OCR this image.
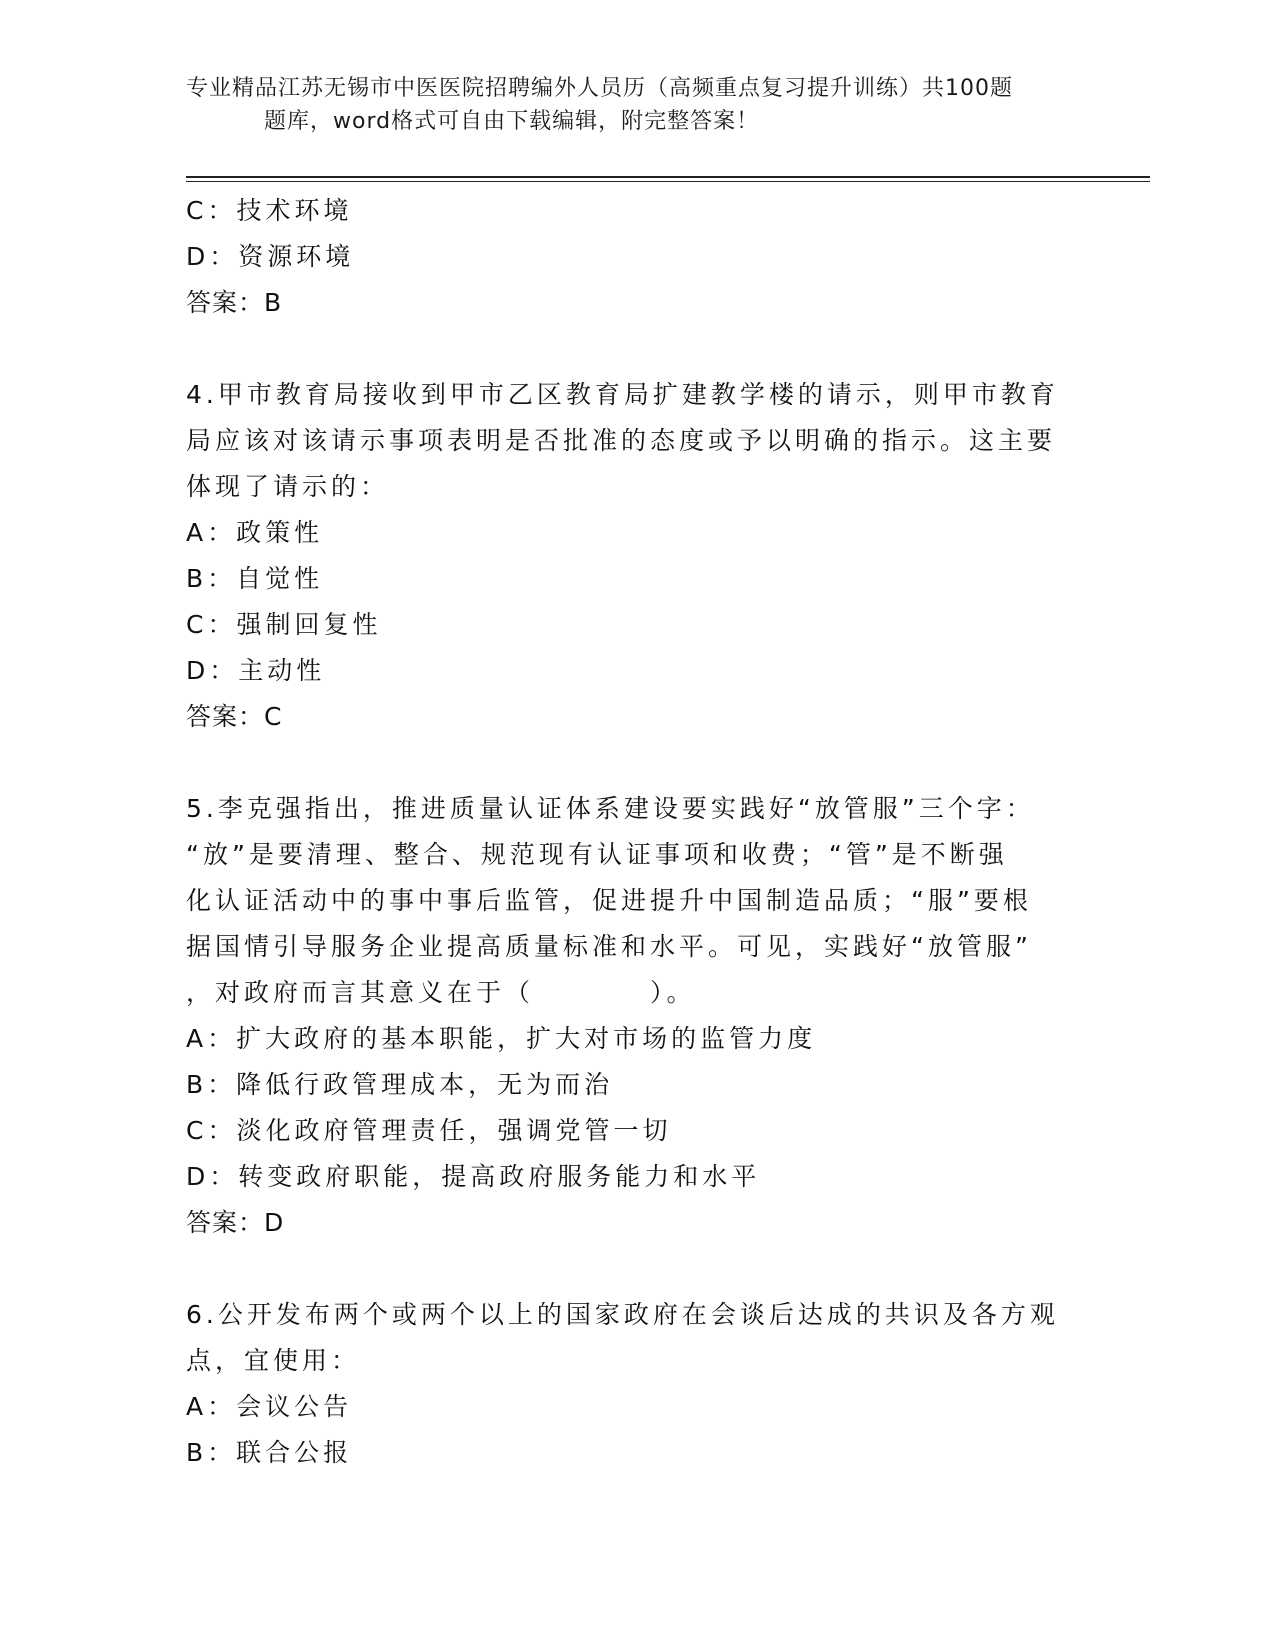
专业精品江苏无锡市中医医院招聘编外人员历（高频重点复习提升训练）共100题
题库，word格式可自由下载编辑，附完整答案！
C：技术环境
D：资源环境
答案：B
4.甲市教育局接收到甲市乙区教育局扩建教学楼的请示，则甲市教育
局应该对该请示事项表明是否批准的态度或予以明确的指示。这主要
体现了请示的：
A：政策性
B：自觉性
C：强制回复性
D：主动性
答案：C
5.李克强指出，推进质量认证体系建设要实践好“放管服”三个字：
“放”是要清理、整合、规范现有认证事项和收费；“管”是不断强
化认证活动中的事中事后监管，促进提升中国制造品质；“服”要根
据国情引导服务企业提高质量标准和水平。可见，实践好“放管服”
，对政府而言其意义在于（　　　　）。
A：扩大政府的基本职能，扩大对市场的监管力度
B：降低行政管理成本，无为而治
C：淡化政府管理责任，强调党管一切
D：转变政府职能，提高政府服务能力和水平
答案：D
6.公开发布两个或两个以上的国家政府在会谈后达成的共识及各方观
点，宜使用：
A：会议公告
B：联合公报
